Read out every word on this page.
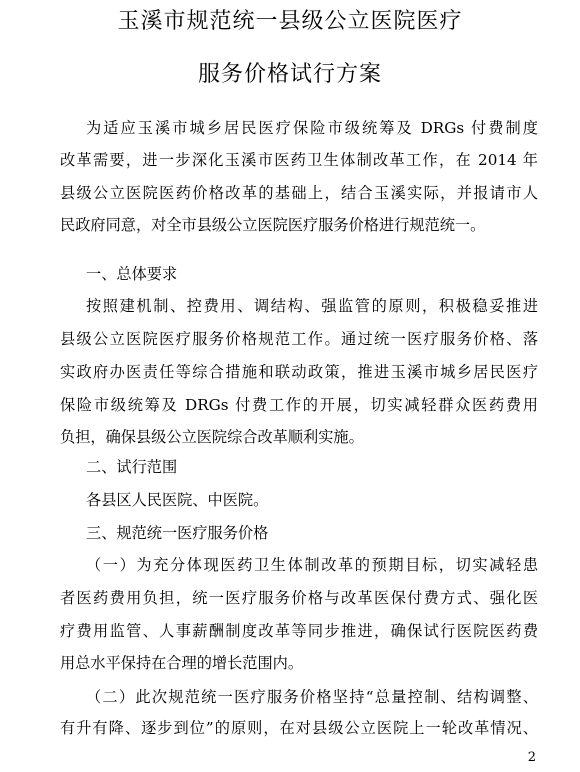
玉溪市规范统一县级公立医院医疗
服务价格试行方案
为适应玉溪市城乡居民医疗保险市级统筹及 DRGs 付费制度
改革需要，进一步深化玉溪市医药卫生体制改革工作，在 2014 年
县级公立医院医药价格改革的基础上，结合玉溪实际，并报请市人
民政府同意，对全市县级公立医院医疗服务价格进行规范统一。
一、总体要求
按照建机制、控费用、调结构、强监管的原则，积极稳妥推进
县级公立医院医疗服务价格规范工作。通过统一医疗服务价格、落
实政府办医责任等综合措施和联动政策，推进玉溪市城乡居民医疗
保险市级统筹及 DRGs 付费工作的开展，切实减轻群众医药费用
负担，确保县级公立医院综合改革顺利实施。
二、试行范围
各县区人民医院、中医院。
三、规范统一医疗服务价格
（一）为充分体现医药卫生体制改革的预期目标，切实减轻患
者医药费用负担，统一医疗服务价格与改革医保付费方式、强化医
疗费用监管、人事薪酬制度改革等同步推进，确保试行医院医药费
用总水平保持在合理的增长范围内。
（二）此次规范统一医疗服务价格坚持“总量控制、结构调整、
有升有降、逐步到位”的原则，在对县级公立医院上一轮改革情况、
2
